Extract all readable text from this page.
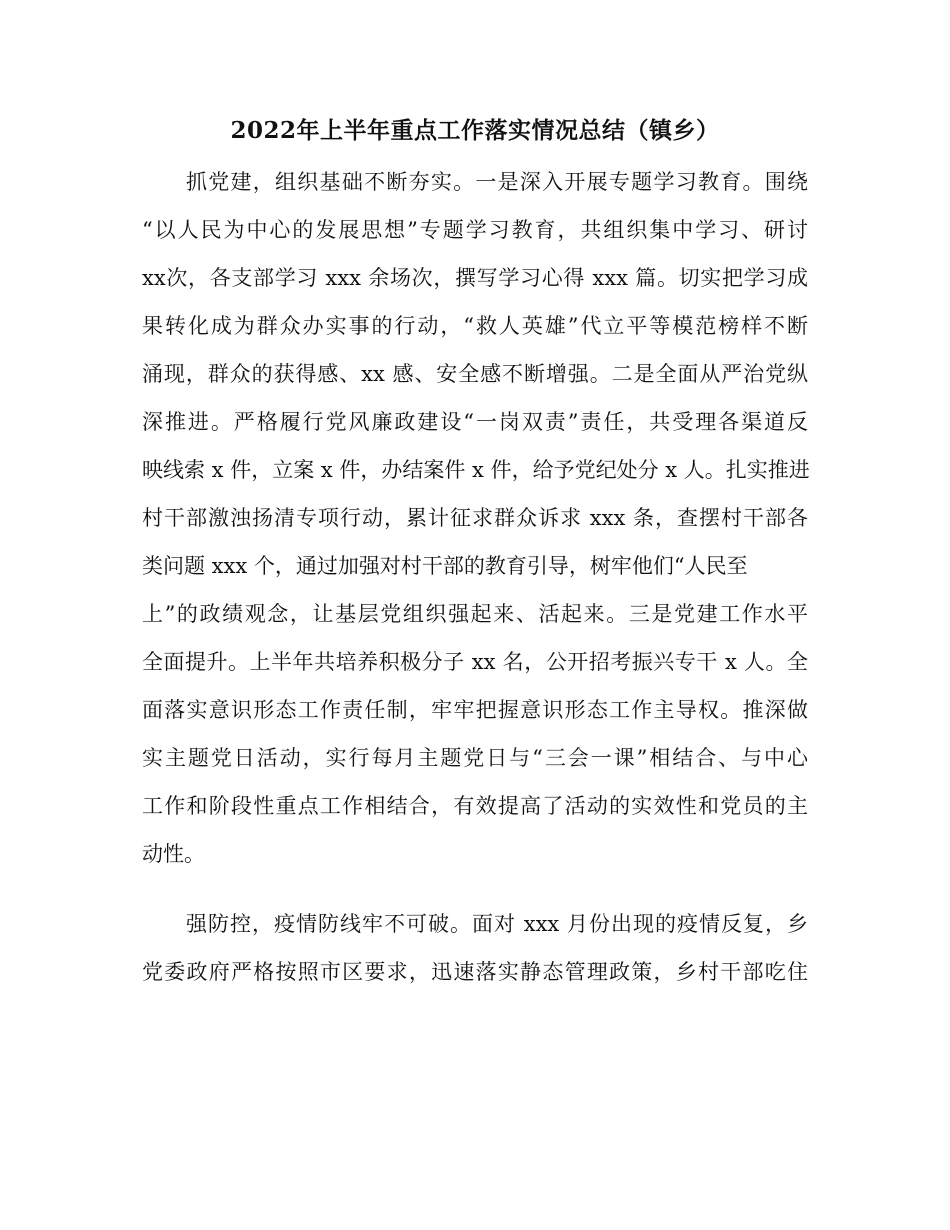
2022年上半年重点工作落实情况总结（镇乡）
抓党建，组织基础不断夯实。一是深入开展专题学习教育。围绕
“以人民为中心的发展思想”专题学习教育，共组织集中学习、研讨
xx次，各支部学习 xxx 余场次，撰写学习心得 xxx 篇。切实把学习成
果转化成为群众办实事的行动，“救人英雄”代立平等模范榜样不断
涌现，群众的获得感、xx 感、安全感不断增强。二是全面从严治党纵
深推进。严格履行党风廉政建设“一岗双责”责任，共受理各渠道反
映线索 x 件，立案 x 件，办结案件 x 件，给予党纪处分 x 人。扎实推进
村干部激浊扬清专项行动，累计征求群众诉求 xxx 条，查摆村干部各
类问题 xxx 个，通过加强对村干部的教育引导，树牢他们“人民至
上”的政绩观念，让基层党组织强起来、活起来。三是党建工作水平
全面提升。上半年共培养积极分子 xx 名，公开招考振兴专干 x 人。全
面落实意识形态工作责任制，牢牢把握意识形态工作主导权。推深做
实主题党日活动，实行每月主题党日与“三会一课”相结合、与中心
工作和阶段性重点工作相结合，有效提高了活动的实效性和党员的主
动性。
强防控，疫情防线牢不可破。面对 xxx 月份出现的疫情反复，乡
党委政府严格按照市区要求，迅速落实静态管理政策，乡村干部吃住
